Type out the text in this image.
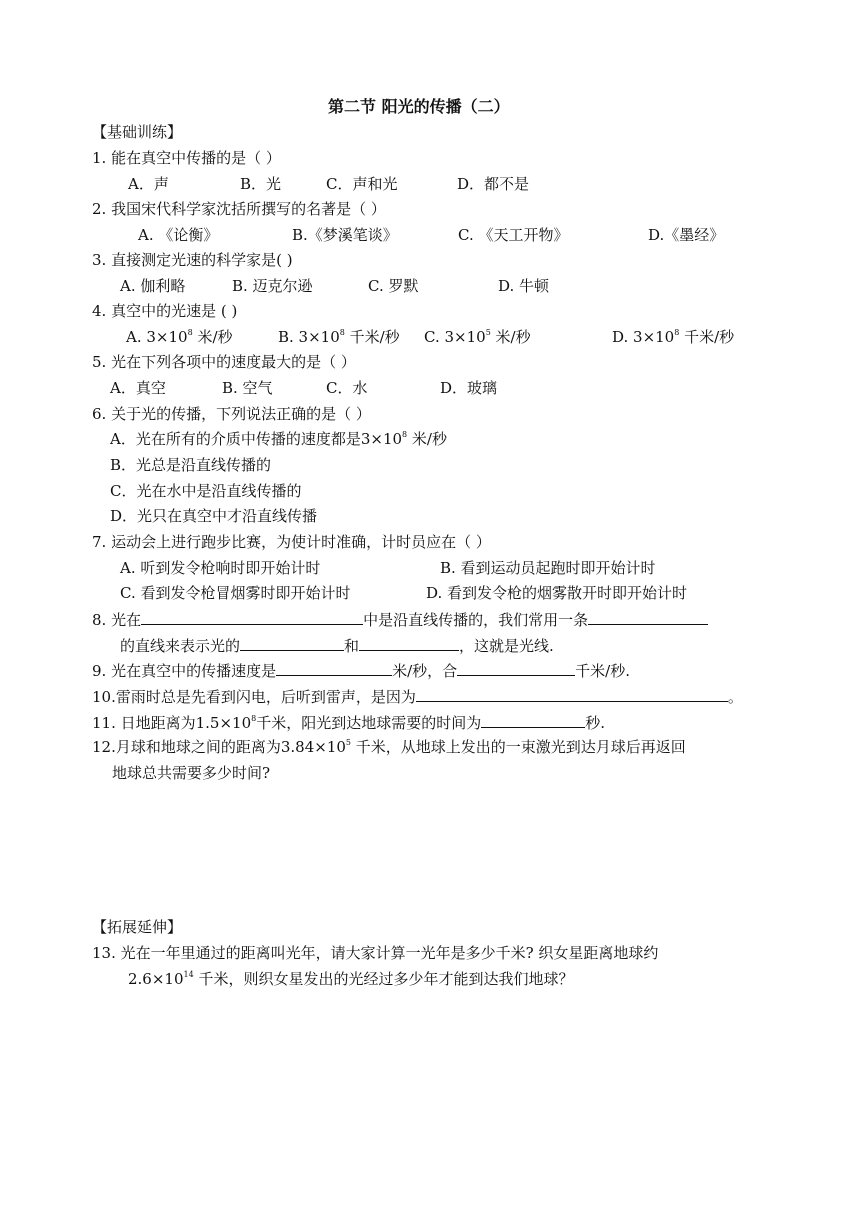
第二节 阳光的传播（二）
【基础训练】
1. 能在真空中传播的是（ ）
A．声	B．光	C．声和光	D．都不是
2. 我国宋代科学家沈括所撰写的名著是（ ）
A. 《论衡》	B.《梦溪笔谈》	C. 《天工开物》	D.《墨经》
3. 直接测定光速的科学家是( )
A. 伽利略	B. 迈克尔逊	C. 罗默	D. 牛顿
4. 真空中的光速是 ( )
A. $3\times 10^8$ 米/秒	B. $3\times 10^8$ 千米/秒 C. $3\times 10^5$ 米/秒	D. $3\times 10^8$ 千米/秒
5. 光在下列各项中的速度最大的是（ ）
A．真空	B. 空气	C．水	D．玻璃
6. 关于光的传播，下列说法正确的是（ ）
A．光在所有的介质中传播的速度都是$3\times 10^8$ 米/秒
B．光总是沿直线传播的
C．光在水中是沿直线传播的
D．光只在真空中才沿直线传播
7. 运动会上进行跑步比赛，为使计时准确，计时员应在（ ）
A. 听到发令枪响时即开始计时	B. 看到运动员起跑时即开始计时
C. 看到发令枪冒烟雾时即开始计时	D. 看到发令枪的烟雾散开时即开始计时
8. 光在	中是沿直线传播的，我们常用一条
的直线来表示光的	和	，这就是光线.
9. 光在真空中的传播速度是	米/秒，合	千米/秒.
10.雷雨时总是先看到闪电，后听到雷声，是因为	。
11. 日地距离为$1.5\times 10^8$千米，阳光到达地球需要的时间为	秒.
12.月球和地球之间的距离为$3.84\times 10^5$ 千米，从地球上发出的一束激光到达月球后再返回
地球总共需要多少时间?
【拓展延伸】
13. 光在一年里通过的距离叫光年，请大家计算一光年是多少千米? 织女星距离地球约
$2.6\times 10^{14}$ 千米，则织女星发出的光经过多少年才能到达我们地球？
